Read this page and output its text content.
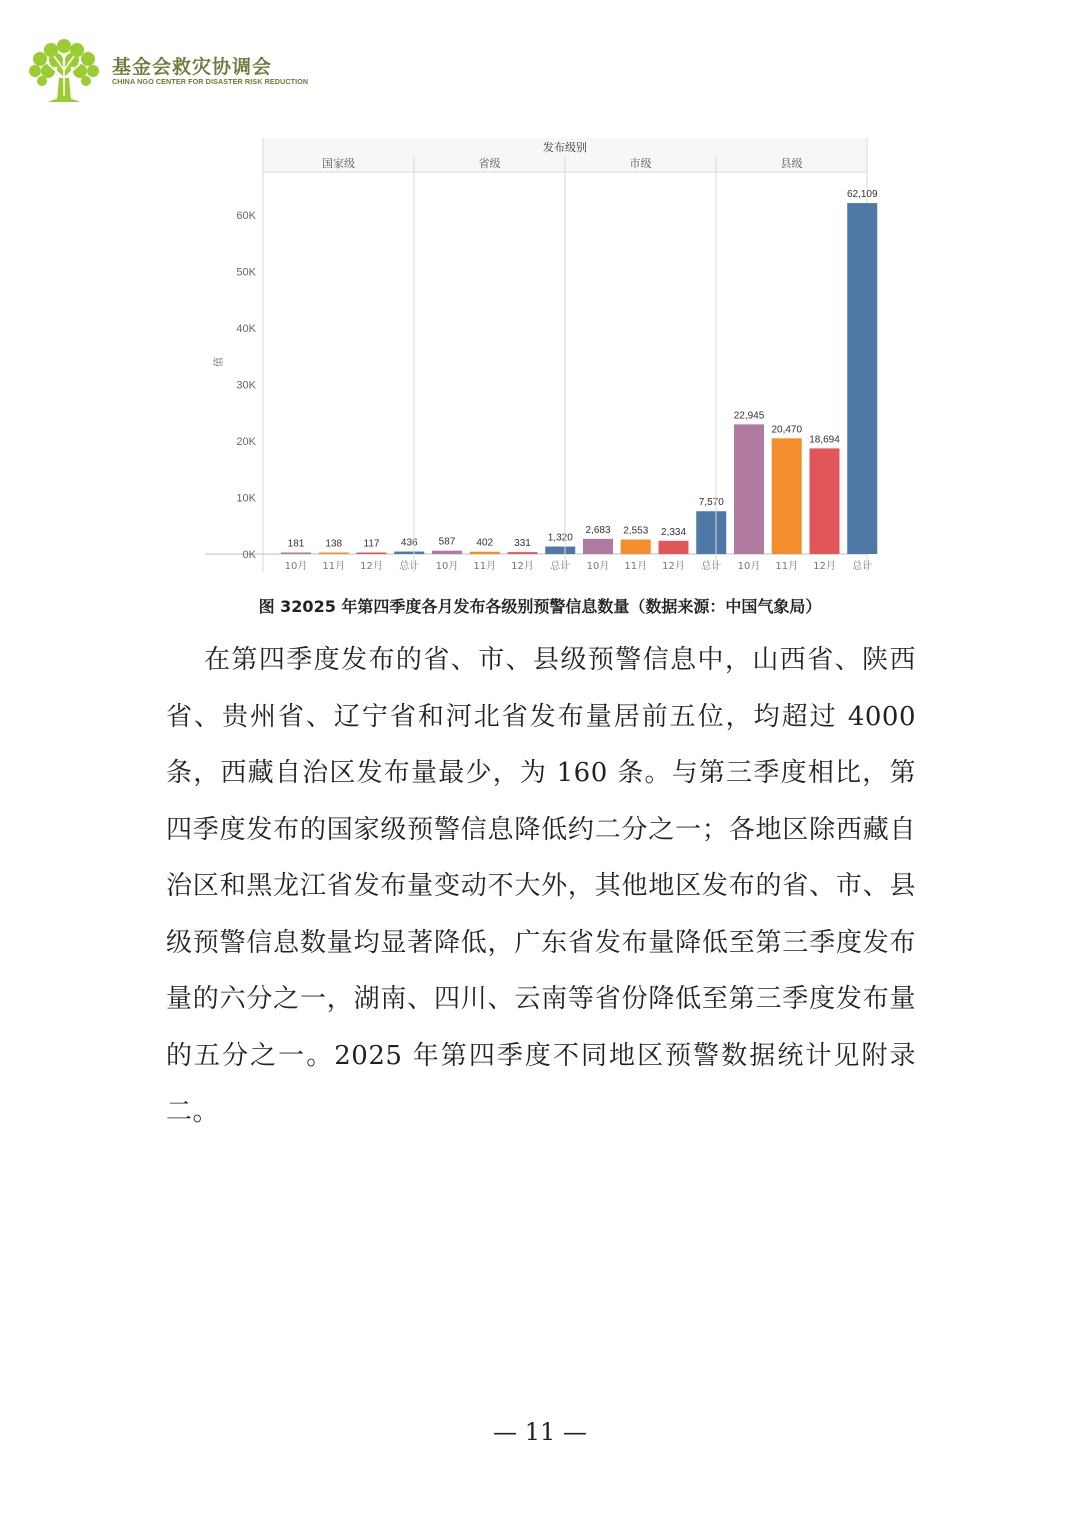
基金会救灾协调会
CHINA NGO CENTER FOR DISASTER RISK REDUCTION
发布级别
值
0K
10K
20K
30K
40K
50K
60K
国家级
181
10月
138
11月
117
12月
436
总计
省级
587
10月
402
11月
331
12月
1,320
总计
市级
2,683
10月
2,553
11月
2,334
12月
7,570
总计
县级
22,945
10月
20,470
11月
18,694
12月
62,109
总计
图 32025 年第四季度各月发布各级别预警信息数量（数据来源：中国气象局）

在第四季度发布的省、市、县级预警信息中，山西省、陕西省、贵州省、辽宁省和河北省发布量居前五位，均超过 4000 条，西藏自治区发布量最少，为 160 条。与第三季度相比，第四季度发布的国家级预警信息降低约二分之一；各地区除西藏自治区和黑龙江省发布量变动不大外，其他地区发布的省、市、县级预警信息数量均显著降低，广东省发布量降低至第三季度发布量的六分之一，湖南、四川、云南等省份降低至第三季度发布量的五分之一。2025 年第四季度不同地区预警数据统计见附录二。

— 11 —
